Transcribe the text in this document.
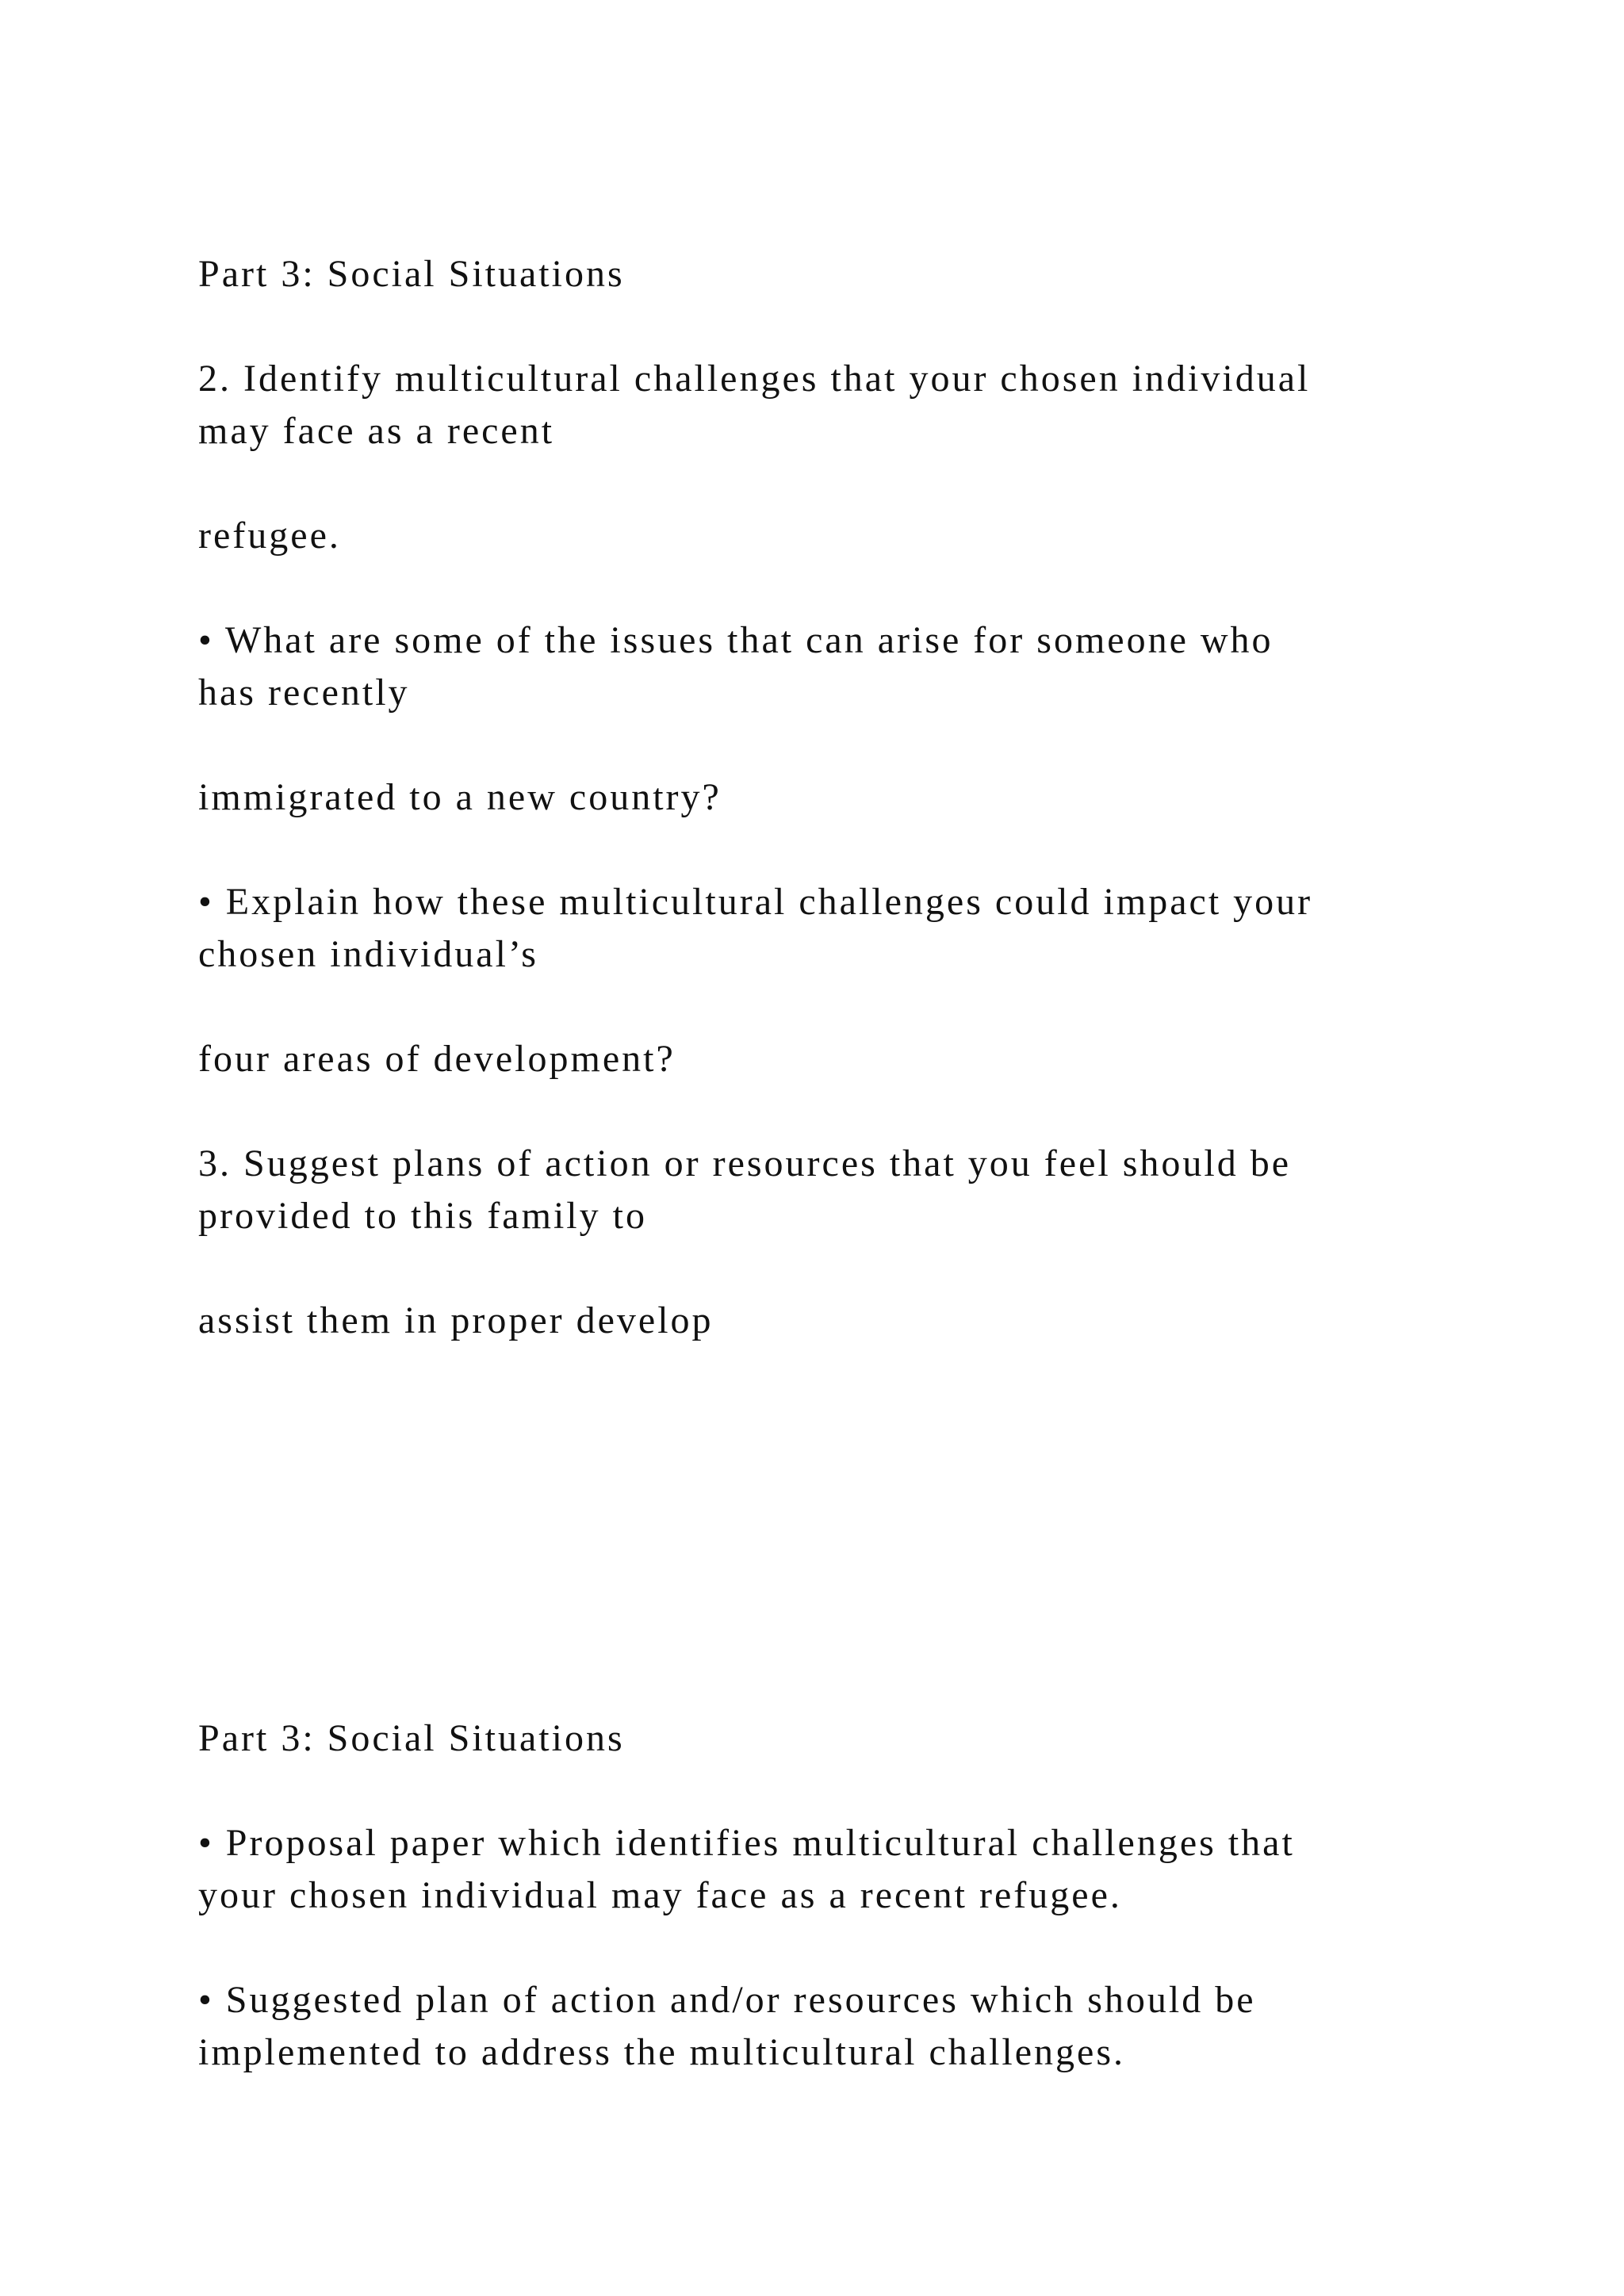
Part 3: Social Situations

2. Identify multicultural challenges that your chosen individual

may face as a recent

refugee.

• What are some of the issues that can arise for someone who

has recently

immigrated to a new country?

• Explain how these multicultural challenges could impact your

chosen individual’s

four areas of development?

3. Suggest plans of action or resources that you feel should be

provided to this family to

assist them in proper develop

Part 3: Social Situations

• Proposal paper which identifies multicultural challenges that

your chosen individual may face as a recent refugee.

• Suggested plan of action and/or resources which should be

implemented to address the multicultural challenges.
